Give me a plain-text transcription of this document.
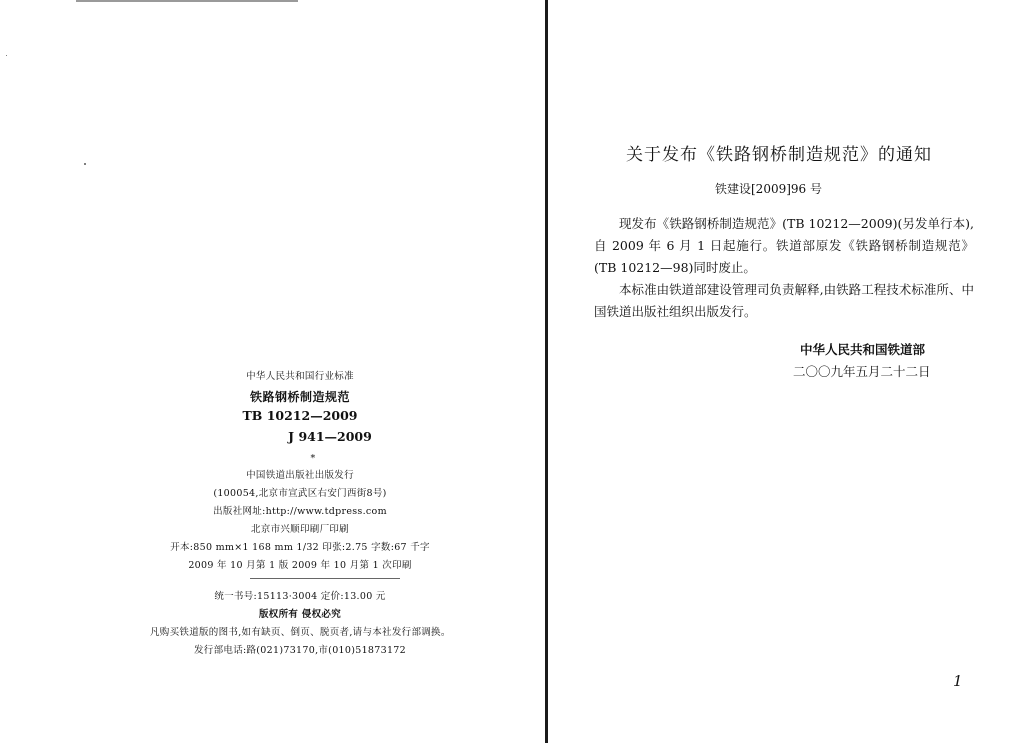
中华人民共和国行业标准
铁路钢桥制造规范
TB 10212—2009
J 941—2009
*
中国铁道出版社出版发行
(100054,北京市宣武区右安门西街8号)
出版社网址:http://www.tdpress.com
北京市兴顺印刷厂印刷
开本:850 mm×1 168 mm 1/32 印张:2.75 字数:67 千字
2009 年 10 月第 1 版 2009 年 10 月第 1 次印刷
统一书号:15113·3004 定价:13.00 元
版权所有 侵权必究
凡购买铁道版的图书,如有缺页、倒页、脱页者,请与本社发行部调换。
发行部电话:路(021)73170,市(010)51873172
关于发布《铁路钢桥制造规范》的通知
铁建设[2009]96 号

现发布《铁路钢桥制造规范》(TB 10212—2009)(另发单行本),自 2009 年 6 月 1 日起施行。铁道部原发《铁路钢桥制造规范》(TB 10212—98)同时废止。

本标准由铁道部建设管理司负责解释,由铁路工程技术标准所、中国铁道出版社组织出版发行。

中华人民共和国铁道部
二〇〇九年五月二十二日
1
